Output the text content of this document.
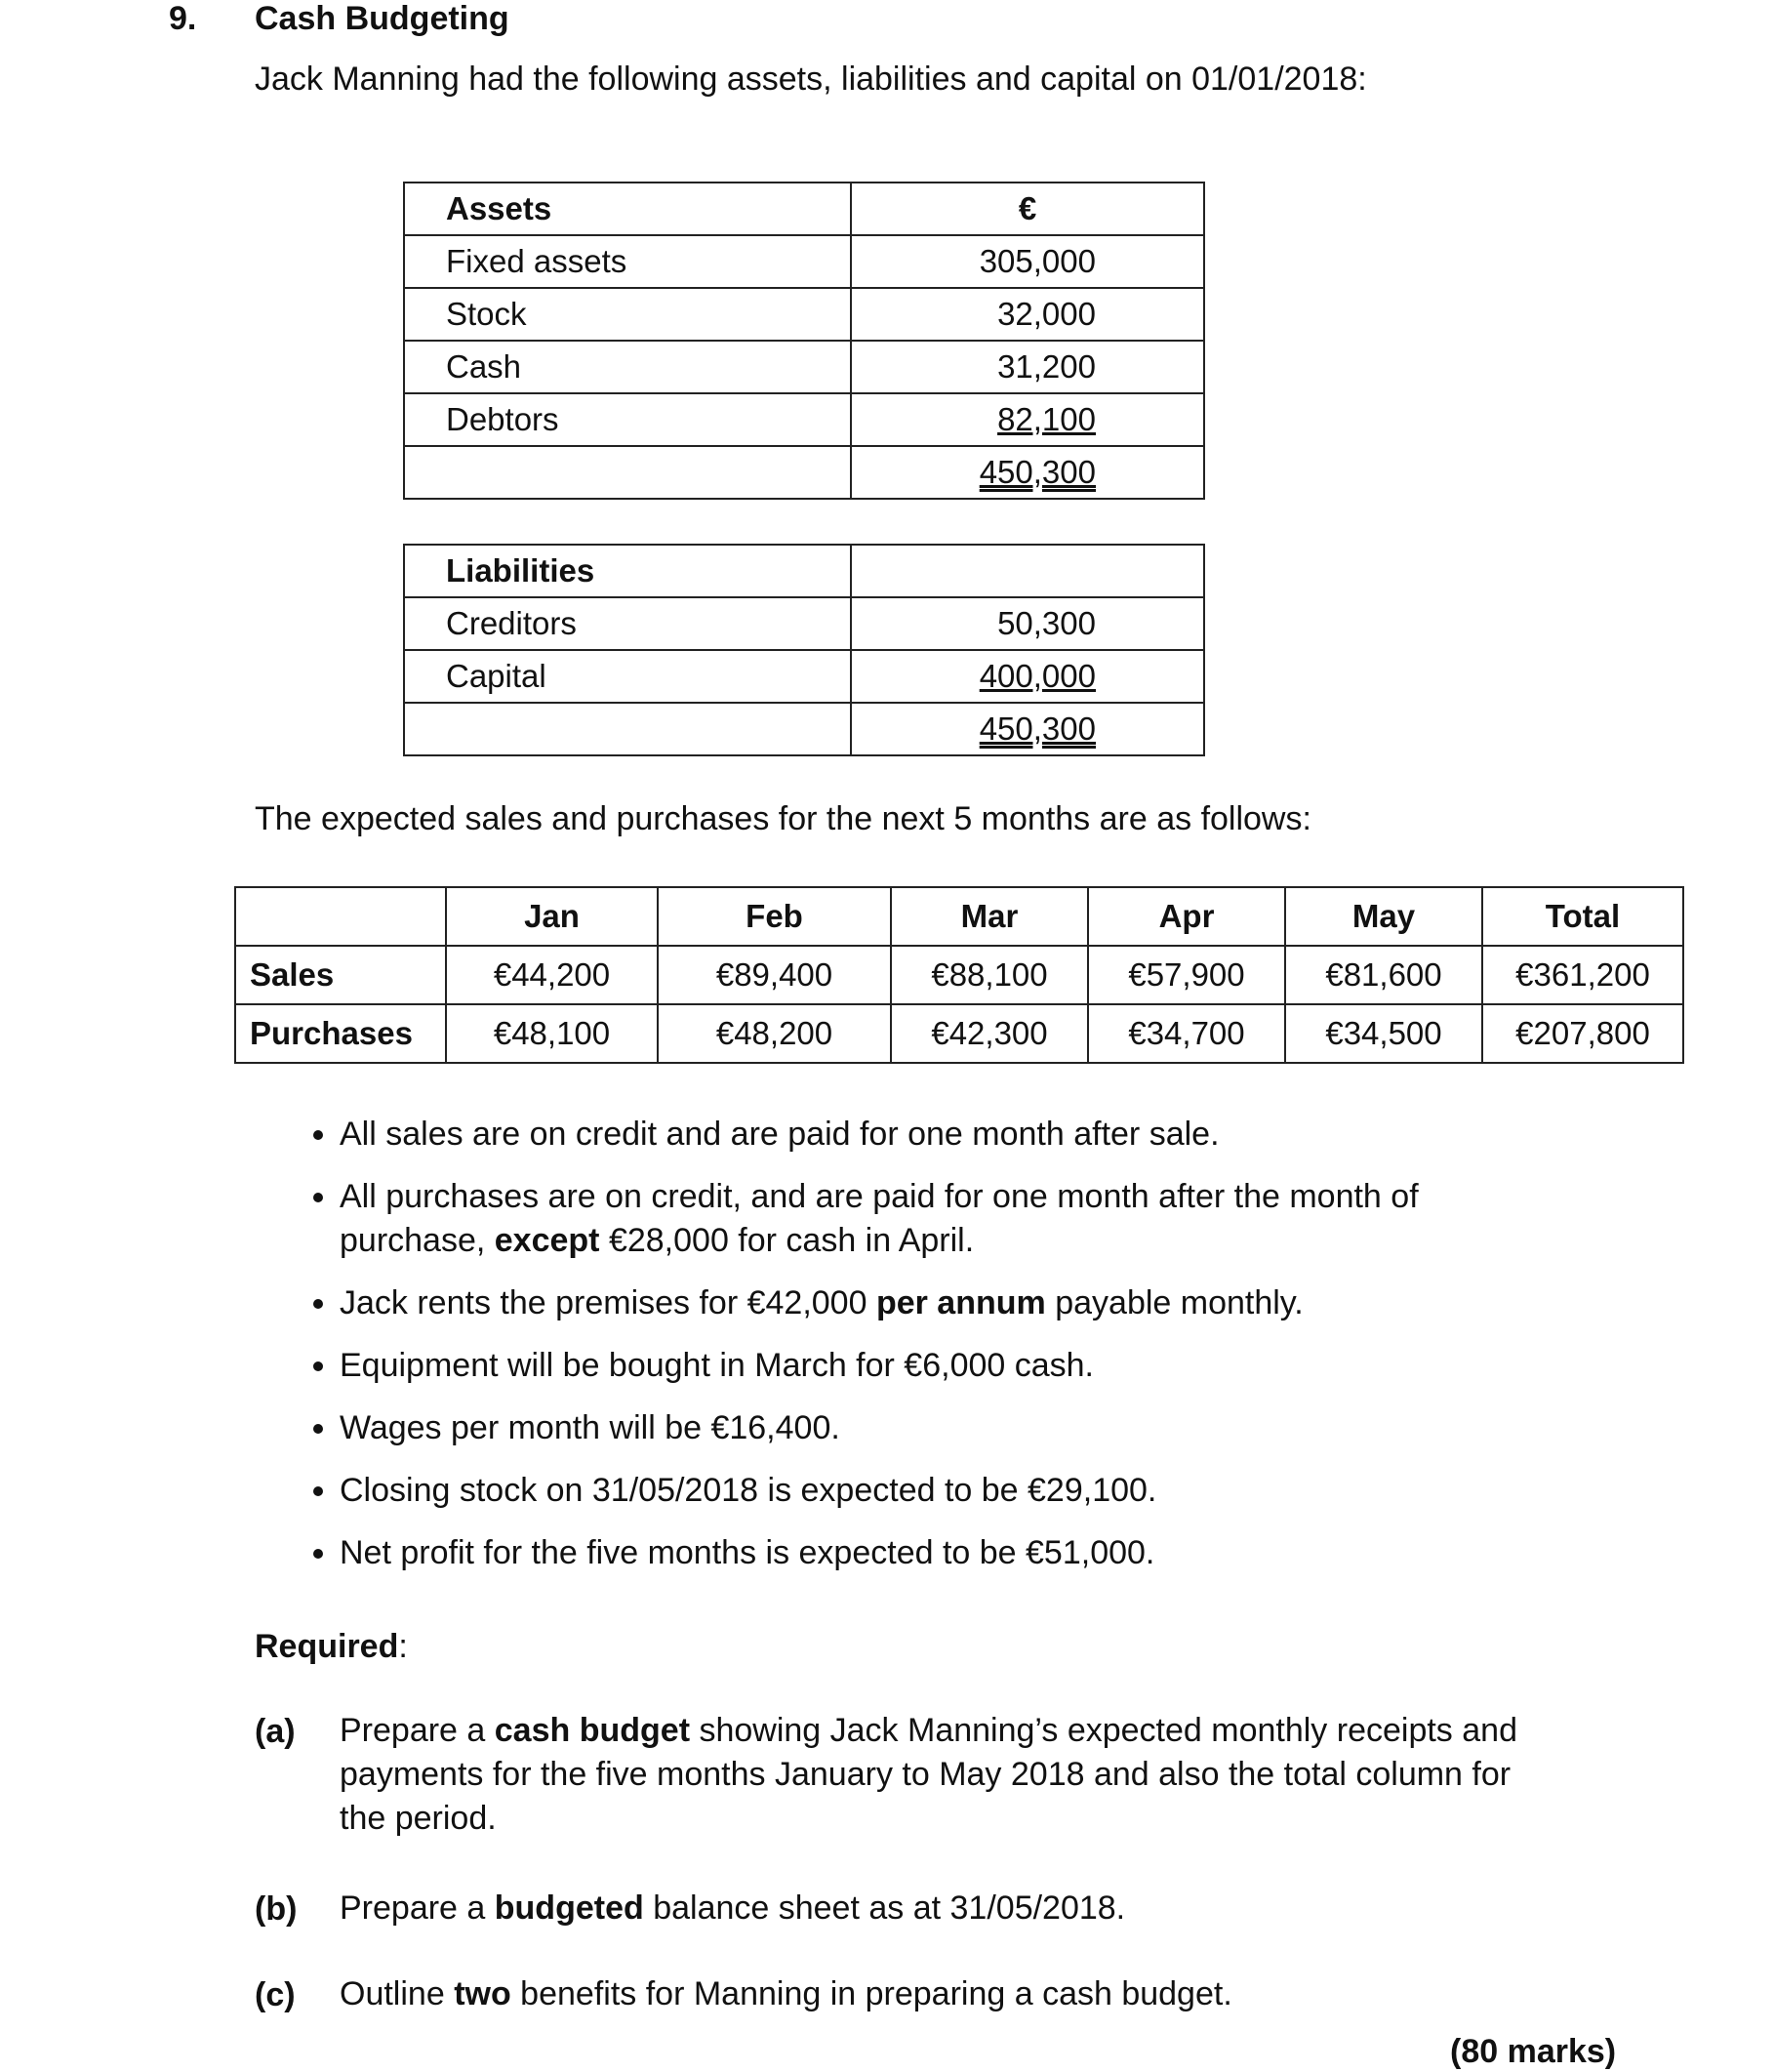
9. Cash Budgeting
Jack Manning had the following assets, liabilities and capital on 01/01/2018:
Assets	€
Fixed assets	305,000
Stock	32,000
Cash	31,200
Debtors	82,100
	450,300
Liabilities	
Creditors	50,300
Capital	400,000
	450,300
The expected sales and purchases for the next 5 months are as follows:
	Jan	Feb	Mar	Apr	May	Total
Sales	€44,200	€89,400	€88,100	€57,900	€81,600	€361,200
Purchases	€48,100	€48,200	€42,300	€34,700	€34,500	€207,800
• All sales are on credit and are paid for one month after sale.
• All purchases are on credit, and are paid for one month after the month of purchase, except €28,000 for cash in April.
• Jack rents the premises for €42,000 per annum payable monthly.
• Equipment will be bought in March for €6,000 cash.
• Wages per month will be €16,400.
• Closing stock on 31/05/2018 is expected to be €29,100.
• Net profit for the five months is expected to be €51,000.
Required:
(a) Prepare a cash budget showing Jack Manning’s expected monthly receipts and payments for the five months January to May 2018 and also the total column for the period.
(b) Prepare a budgeted balance sheet as at 31/05/2018.
(c) Outline two benefits for Manning in preparing a cash budget.
(80 marks)
